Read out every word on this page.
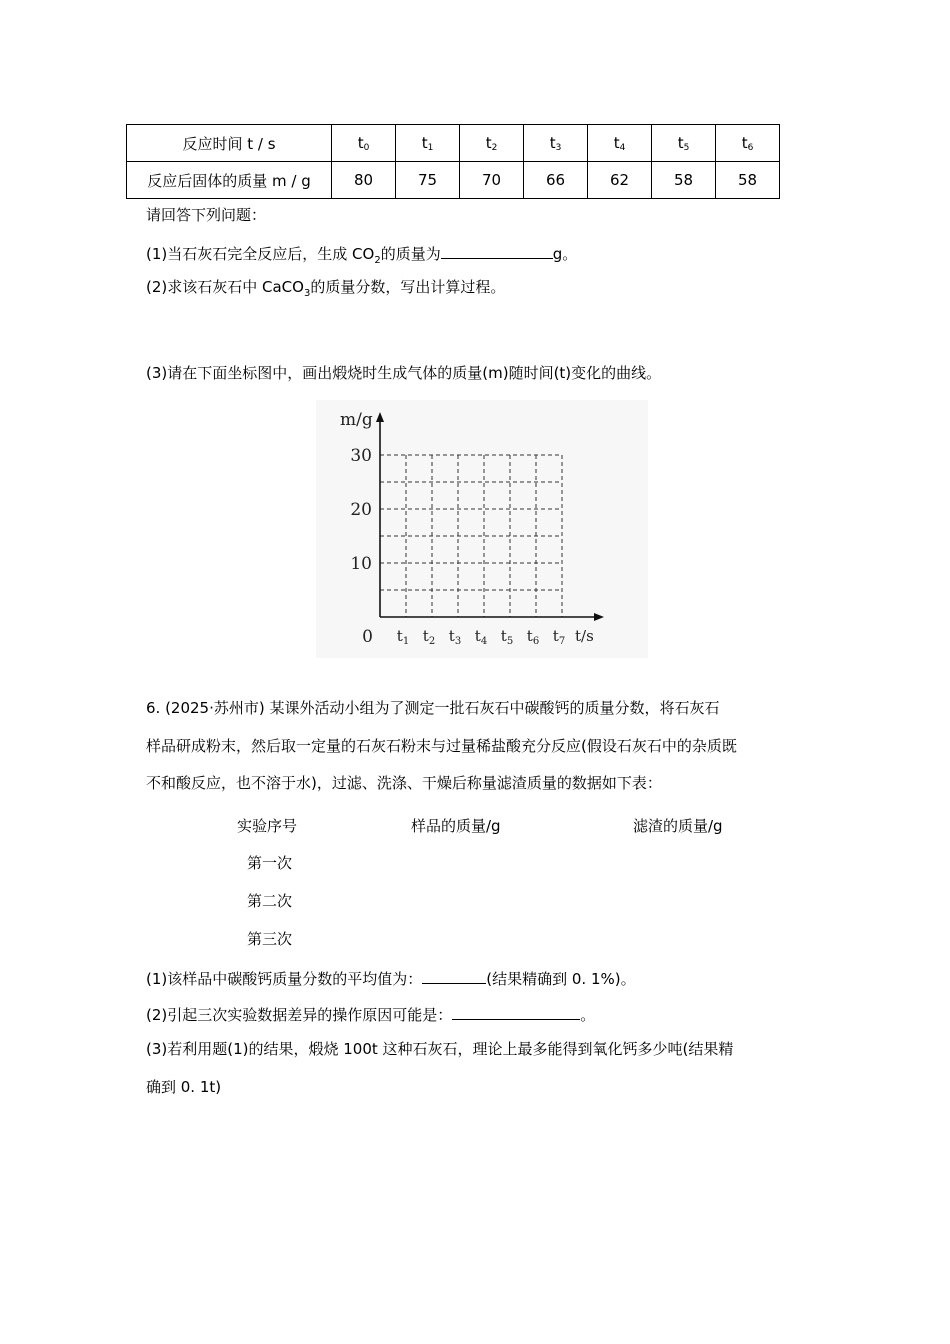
反应时间 t / s	$t_0$	$t_1$	$t_2$	$t_3$	$t_4$	$t_5$	$t_6$
反应后固体的质量 m / g	80	75	70	66	62	58	58
请回答下列问题：
(1)当石灰石完全反应后，生成 $CO_2$的质量为	g。
(2)求该石灰石中 CaCO$_3$的质量分数，写出计算过程。
(3)请在下面坐标图中，画出煅烧时生成气体的质量(m)随时间(t)变化的曲线。
10
20
30
m/g
0 $t_1$ $t_2$ $t_3$ $t_4$ $t_5$ $t_6$ $t_7$ t/s
6. (2025·苏州市) 某课外活动小组为了测定一批石灰石中碳酸钙的质量分数，将石灰石
样品研成粉末，然后取一定量的石灰石粉末与过量稀盐酸充分反应(假设石灰石中的杂质既
不和酸反应，也不溶于水)，过滤、洗涤、干燥后称量滤渣质量的数据如下表：
实验序号	样品的质量/g	滤渣的质量/g
第一次
第二次
第三次
(1)该样品中碳酸钙质量分数的平均值为：	(结果精确到 0. 1%)。
(2)引起三次实验数据差异的操作原因可能是：	。
(3)若利用题(1)的结果，煅烧 100t 这种石灰石，理论上最多能得到氧化钙多少吨(结果精
确到 0. 1t)
